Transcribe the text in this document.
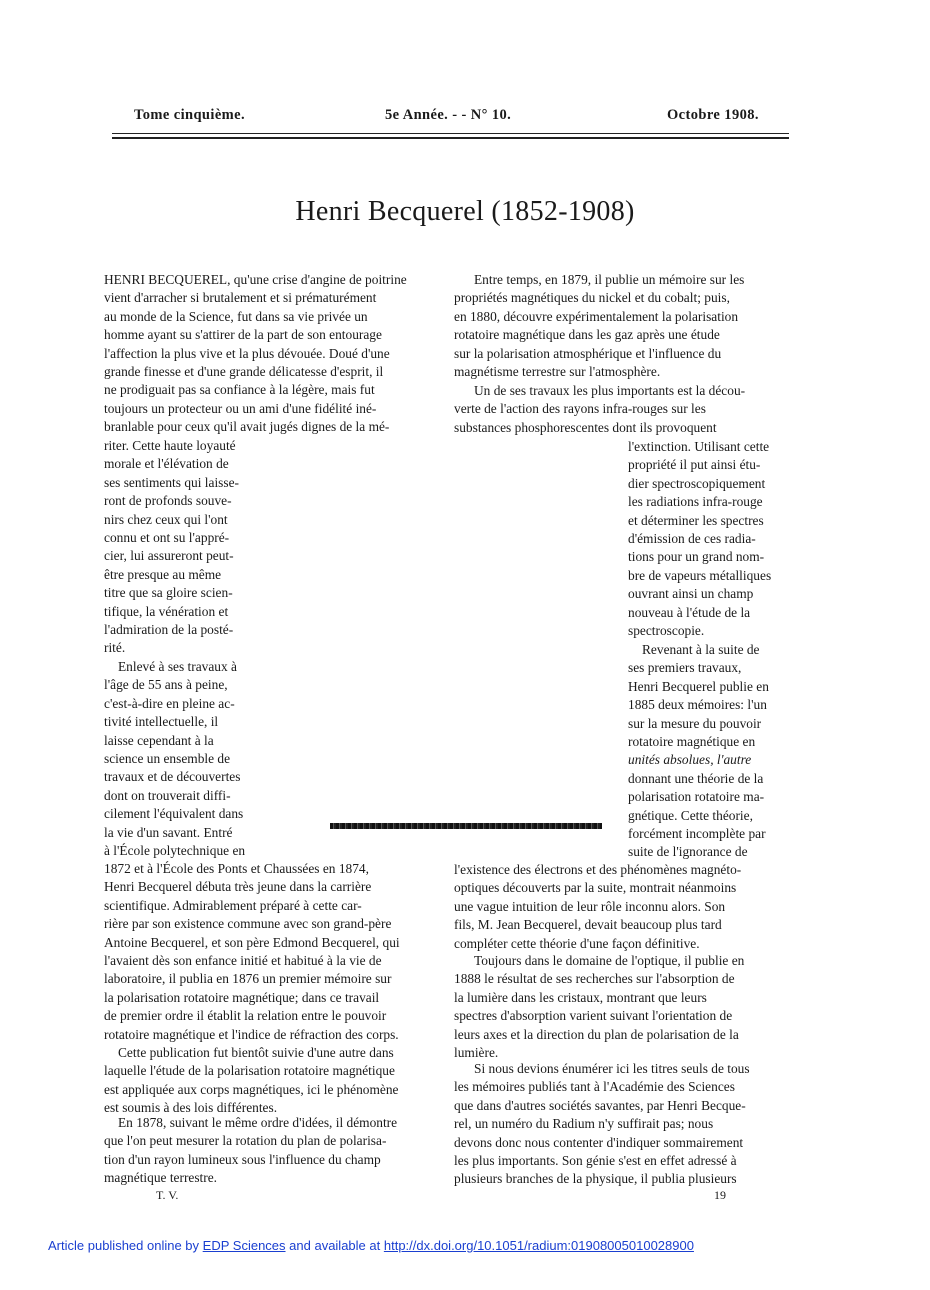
Tome cinquième.	5e Année. - - N° 10.	Octobre 1908.
Henri Becquerel (1852-1908)
HENRI BECQUEREL, qu'une crise d'angine de poitrine
vient d'arracher si brutalement et si prématurément
au monde de la Science, fut dans sa vie privée un
homme ayant su s'attirer de la part de son entourage
l'affection la plus vive et la plus dévouée. Doué d'une
grande finesse et d'une grande délicatesse d'esprit, il
ne prodiguait pas sa confiance à la légère, mais fut
toujours un protecteur ou un ami d'une fidélité iné-
branlable pour ceux qu'il avait jugés dignes de la mé-
riter. Cette haute loyauté
morale et l'élévation de
ses sentiments qui laisse-
ront de profonds souve-
nirs chez ceux qui l'ont
connu et ont su l'appré-
cier, lui assureront peut-
être presque au même
titre que sa gloire scien-
tifique, la vénération et
l'admiration de la posté-
rité.
Enlevé à ses travaux à
l'âge de 55 ans à peine,
c'est-à-dire en pleine ac-
tivité intellectuelle, il
laisse cependant à la
science un ensemble de
travaux et de découvertes
dont on trouverait diffi-
cilement l'équivalent dans
la vie d'un savant. Entré
à l'École polytechnique en
1872 et à l'École des Ponts et Chaussées en 1874,
Henri Becquerel débuta très jeune dans la carrière
scientifique. Admirablement préparé à cette car-
rière par son existence commune avec son grand-père
Antoine Becquerel, et son père Edmond Becquerel, qui
l'avaient dès son enfance initié et habitué à la vie de
laboratoire, il publia en 1876 un premier mémoire sur
la polarisation rotatoire magnétique; dans ce travail
de premier ordre il établit la relation entre le pouvoir
rotatoire magnétique et l'indice de réfraction des corps.
Cette publication fut bientôt suivie d'une autre dans
laquelle l'étude de la polarisation rotatoire magnétique
est appliquée aux corps magnétiques, ici le phénomène
est soumis à des lois différentes.
En 1878, suivant le même ordre d'idées, il démontre
que l'on peut mesurer la rotation du plan de polarisa-
tion d'un rayon lumineux sous l'influence du champ
magnétique terrestre.
T. V.
Entre temps, en 1879, il publie un mémoire sur les
propriétés magnétiques du nickel et du cobalt; puis,
en 1880, découvre expérimentalement la polarisation
rotatoire magnétique dans les gaz après une étude
sur la polarisation atmosphérique et l'influence du
magnétisme terrestre sur l'atmosphère.
Un de ses travaux les plus importants est la décou-
verte de l'action des rayons infra-rouges sur les
substances phosphorescentes dont ils provoquent
l'extinction. Utilisant cette
propriété il put ainsi étu-
dier spectroscopiquement
les radiations infra-rouge
et déterminer les spectres
d'émission de ces radia-
tions pour un grand nom-
bre de vapeurs métalliques
ouvrant ainsi un champ
nouveau à l'étude de la
spectroscopie.
Revenant à la suite de
ses premiers travaux,
Henri Becquerel publie en
1885 deux mémoires: l'un
sur la mesure du pouvoir
rotatoire magnétique en
unités absolues, l'autre
donnant une théorie de la
polarisation rotatoire ma-
gnétique. Cette théorie,
forcément incomplète par
suite de l'ignorance de
l'existence des électrons et des phénomènes magnéto-
optiques découverts par la suite, montrait néanmoins
une vague intuition de leur rôle inconnu alors. Son
fils, M. Jean Becquerel, devait beaucoup plus tard
compléter cette théorie d'une façon définitive.
Toujours dans le domaine de l'optique, il publie en
1888 le résultat de ses recherches sur l'absorption de
la lumière dans les cristaux, montrant que leurs
spectres d'absorption varient suivant l'orientation de
leurs axes et la direction du plan de polarisation de la
lumière.
Si nous devions énumérer ici les titres seuls de tous
les mémoires publiés tant à l'Académie des Sciences
que dans d'autres sociétés savantes, par Henri Becque-
rel, un numéro du Radium n'y suffirait pas; nous
devons donc nous contenter d'indiquer sommairement
les plus importants. Son génie s'est en effet adressé à
plusieurs branches de la physique, il publia plusieurs
19
Article published online by EDP Sciences and available at http://dx.doi.org/10.1051/radium:01908005010028900
